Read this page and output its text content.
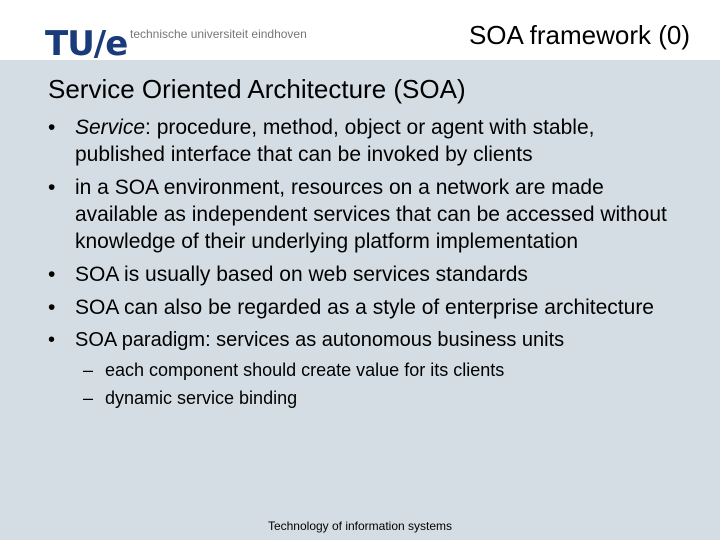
TU/e technische universiteit eindhoven	SOA framework (0)
Service Oriented Architecture (SOA)
• Service: procedure, method, object or agent with stable, published interface that can be invoked by clients
• in a SOA environment, resources on a network are made available as independent services that can be accessed without knowledge of their underlying platform implementation
• SOA is usually based on web services standards
• SOA can also be regarded as a style of enterprise architecture
• SOA paradigm: services as autonomous business units
– each component should create value for its clients
– dynamic service binding
Technology of information systems
